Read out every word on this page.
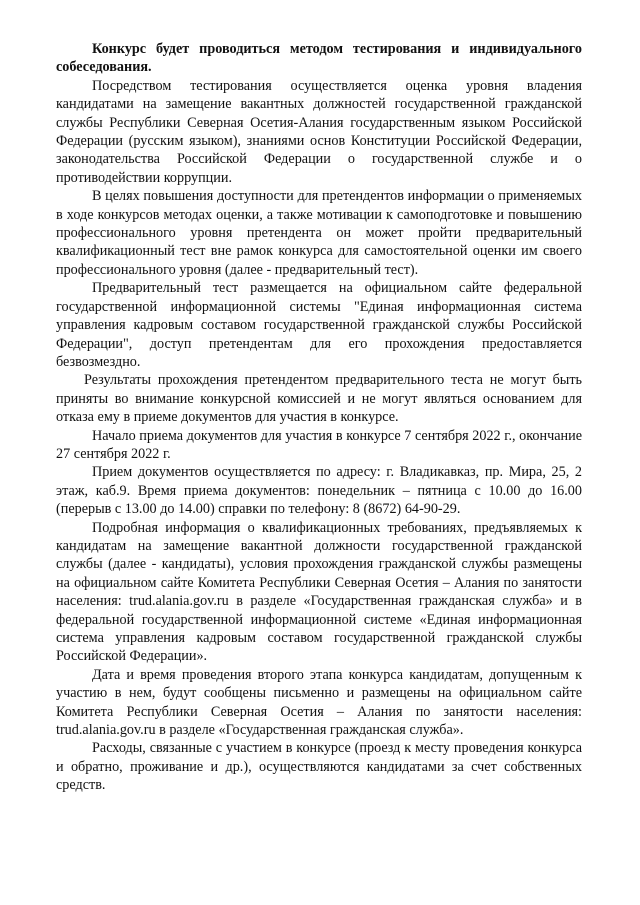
Конкурс будет проводиться методом тестирования и индивидуального собеседования.

Посредством тестирования осуществляется оценка уровня владения кандидатами на замещение вакантных должностей государственной гражданской службы Республики Северная Осетия-Алания государственным языком Российской Федерации (русским языком), знаниями основ Конституции Российской Федерации, законодательства Российской Федерации о государственной службе и о противодействии коррупции.

В целях повышения доступности для претендентов информации о применяемых в ходе конкурсов методах оценки, а также мотивации к самоподготовке и повышению профессионального уровня претендента он может пройти предварительный квалификационный тест вне рамок конкурса для самостоятельной оценки им своего профессионального уровня (далее - предварительный тест).

Предварительный тест размещается на официальном сайте федеральной государственной информационной системы "Единая информационная система управления кадровым составом государственной гражданской службы Российской Федерации", доступ претендентам для его прохождения предоставляется безвозмездно.

Результаты прохождения претендентом предварительного теста не могут быть приняты во внимание конкурсной комиссией и не могут являться основанием для отказа ему в приеме документов для участия в конкурсе.

Начало приема документов для участия в конкурсе 7 сентября 2022 г., окончание 27 сентября 2022 г.

Прием документов осуществляется по адресу: г. Владикавказ, пр. Мира, 25, 2 этаж, каб.9. Время приема документов: понедельник – пятница с 10.00 до 16.00 (перерыв с 13.00 до 14.00) справки по телефону: 8 (8672) 64-90-29.

Подробная информация о квалификационных требованиях, предъявляемых к кандидатам на замещение вакантной должности государственной гражданской службы (далее - кандидаты), условия прохождения гражданской службы размещены на официальном сайте Комитета Республики Северная Осетия – Алания по занятости населения: trud.alania.gov.ru в разделе «Государственная гражданская служба» и в федеральной государственной информационной системе «Единая информационная система управления кадровым составом государственной гражданской службы Российской Федерации».

Дата и время проведения второго этапа конкурса кандидатам, допущенным к участию в нем, будут сообщены письменно и размещены на официальном сайте Комитета Республики Северная Осетия – Алания по занятости населения: trud.alania.gov.ru в разделе «Государственная гражданская служба».

Расходы, связанные с участием в конкурсе (проезд к месту проведения конкурса и обратно, проживание и др.), осуществляются кандидатами за счет собственных средств.
